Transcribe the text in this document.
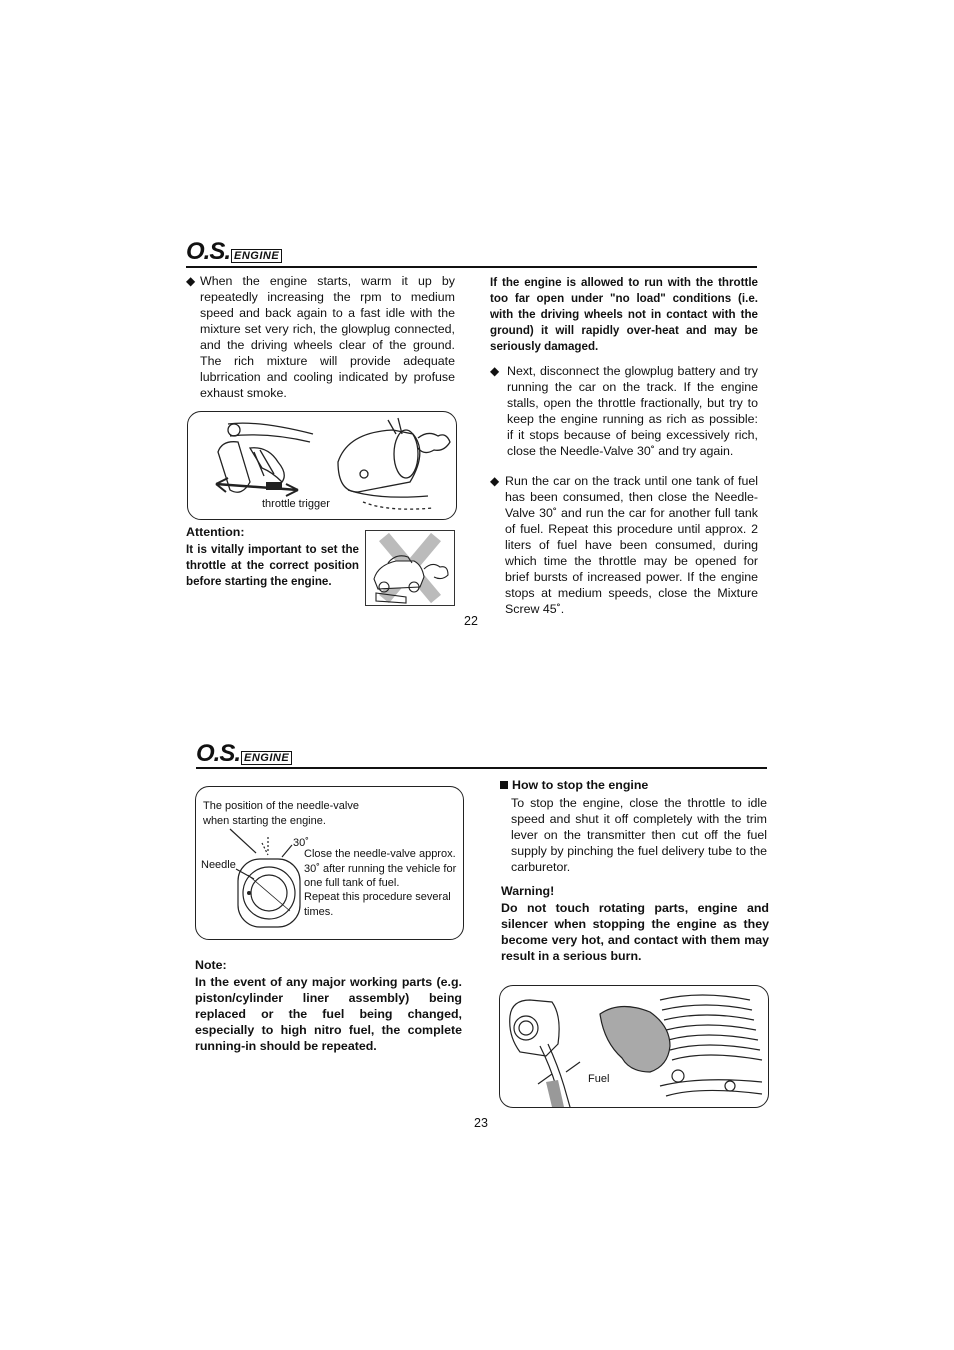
O.S. ENGINE
◆ When the engine starts, warm it up by repeatedly increasing the rpm to medium speed and back again to a fast idle with the mixture set very rich, the glowplug connected, and the driving wheels clear of the ground. The rich mixture will provide adequate lubrrication and cooling indicated by profuse exhaust smoke.
throttle trigger
Attention:
It is vitally important to set the throttle at the correct position before starting the engine.
If the engine is allowed to run with the throttle too far open under "no load" conditions (i.e. with the driving wheels not in contact with the ground) it will rapidly over-heat and may be seriously damaged.
◆ Next, disconnect the glowplug battery and try running the car on the track. If the engine stalls, open the throttle fractionally, but try to keep the engine running as rich as possible: if it stops because of being excessively rich, close the Needle-Valve 30˚ and try again.
◆ Run the car on the track until one tank of fuel has been consumed, then close the Needle-Valve 30˚ and run the car for another full tank of fuel. Repeat this procedure until approx. 2 liters of fuel have been consumed, during which time the throttle may be opened for brief bursts of increased power. If the engine stops at medium speeds, close the Mixture Screw 45˚.
22
O.S. ENGINE
The position of the needle-valve
when starting the engine.
30˚
Needle
Close the needle-valve approx.
30˚ after running the vehicle for
one full tank of fuel.
Repeat this procedure several
times.
Note:
In the event of any major working parts (e.g. piston/cylinder liner assembly) being replaced or the fuel being changed, especially to high nitro fuel, the complete running-in should be repeated.
How to stop the engine
To stop the engine, close the throttle to idle speed and shut it off completely with the trim lever on the transmitter then cut off the fuel supply by pinching the fuel delivery tube to the carburetor.
Warning!
Do not touch rotating parts, engine and silencer when stopping the engine as they become very hot, and contact with them may result in a serious burn.
Fuel
23
